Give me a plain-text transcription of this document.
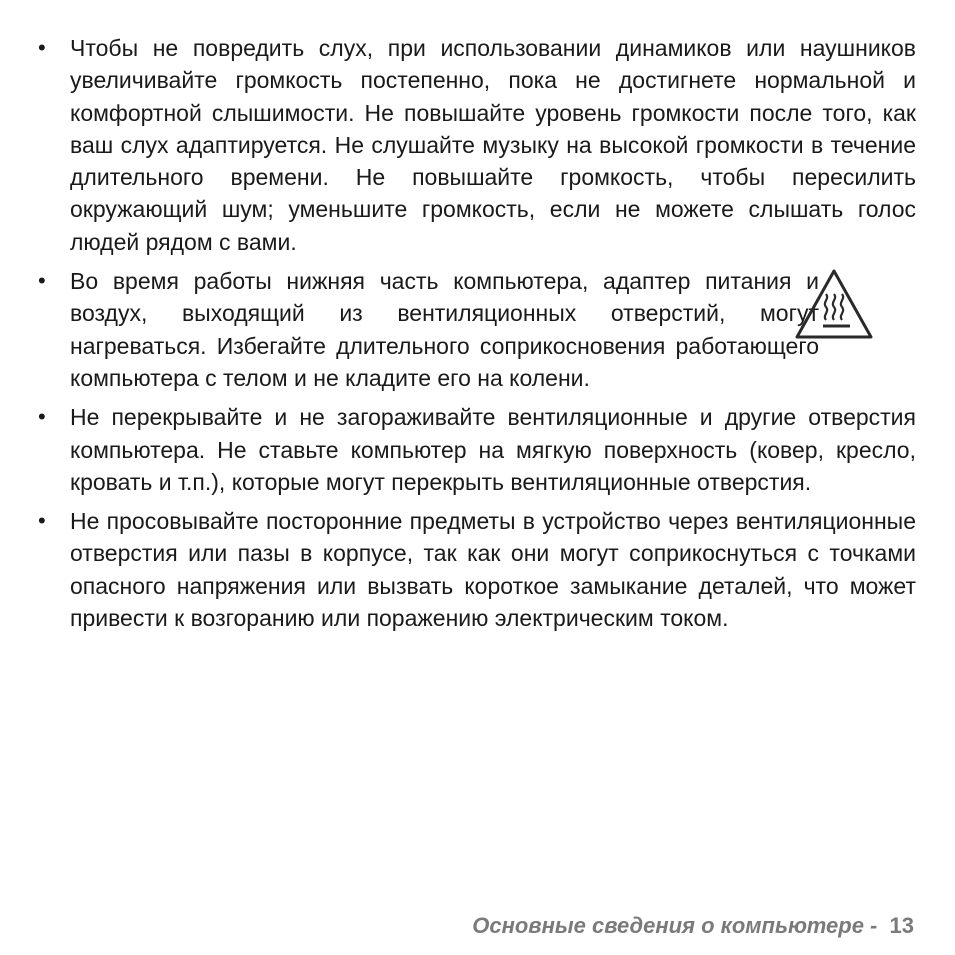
•	Чтобы не повредить слух, при использовании динамиков или наушников увеличивайте громкость постепенно, пока не достигнете нормальной и комфортной слышимости. Не повышайте уровень громкости после того, как ваш слух адаптируется. Не слушайте музыку на высокой громкости в течение длительного времени. Не повышайте громкость, чтобы пересилить окружающий шум; уменьшите громкость, если не можете слышать голос людей рядом с вами.
•	Во время работы нижняя часть компьютера, адаптер питания и воздух, выходящий из вентиляционных отверстий, могут нагреваться. Избегайте длительного соприкосновения работающего компьютера с телом и не кладите его на колени.
•	Не перекрывайте и не загораживайте вентиляционные и другие отверстия компьютера. Не ставьте компьютер на мягкую поверхность (ковер, кресло, кровать и т.п.), которые могут перекрыть вентиляционные отверстия.
•	Не просовывайте посторонние предметы в устройство через вентиляционные отверстия или пазы в корпусе, так как они могут соприкоснуться с точками опасного напряжения или вызвать короткое замыкание деталей, что может привести к возгоранию или поражению электрическим током.
Основные сведения о компьютере - 13
